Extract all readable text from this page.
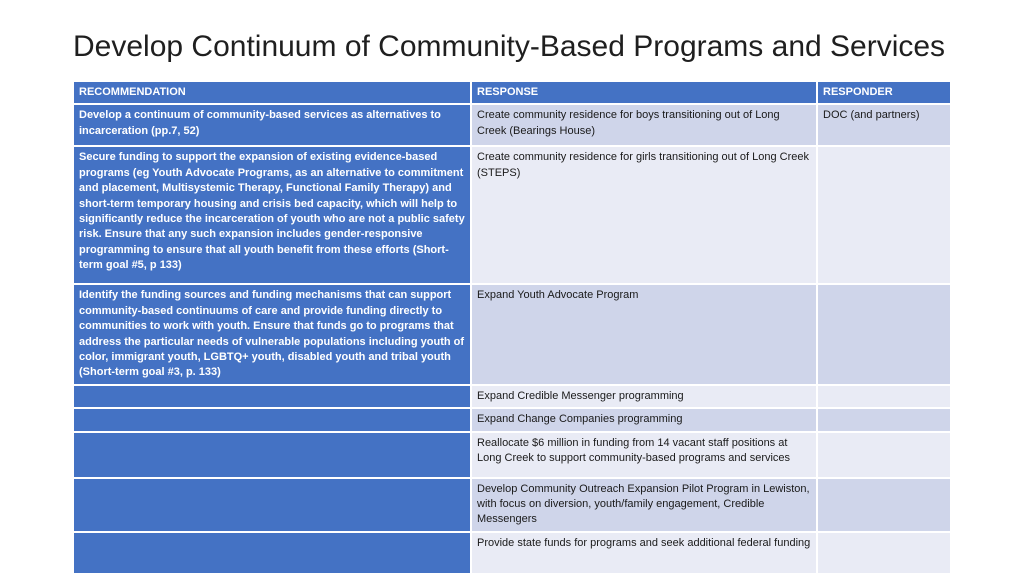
Develop Continuum of Community-Based Programs and Services
RECOMMENDATION	RESPONSE	RESPONDER
Develop a continuum of community-based services as alternatives to incarceration (pp.7, 52)	Create community residence for boys transitioning out of Long Creek (Bearings House)	DOC (and partners)
Secure funding to support the expansion of existing evidence-based programs (eg Youth Advocate Programs, as an alternative to commitment and placement, Multisystemic Therapy, Functional Family Therapy) and short-term temporary housing and crisis bed capacity, which will help to significantly reduce the incarceration of youth who are not a public safety risk. Ensure that any such expansion includes gender-responsive programming to ensure that all youth benefit from these efforts (Short-term goal #5, p 133)	Create community residence for girls transitioning out of Long Creek (STEPS)	
Identify the funding sources and funding mechanisms that can support community-based continuums of care and provide funding directly to communities to work with youth. Ensure that funds go to programs that address the particular needs of vulnerable populations including youth of color, immigrant youth, LGBTQ+ youth, disabled youth and tribal youth (Short-term goal #3, p. 133)	Expand Youth Advocate Program	
	Expand Credible Messenger programming	
	Expand Change Companies programming	
	Reallocate $6 million in funding from 14 vacant staff positions at Long Creek to support community-based programs and services	
	Develop Community Outreach Expansion Pilot Program in Lewiston, with focus on diversion, youth/family engagement, Credible Messengers	
	Provide state funds for programs and seek additional federal funding	
